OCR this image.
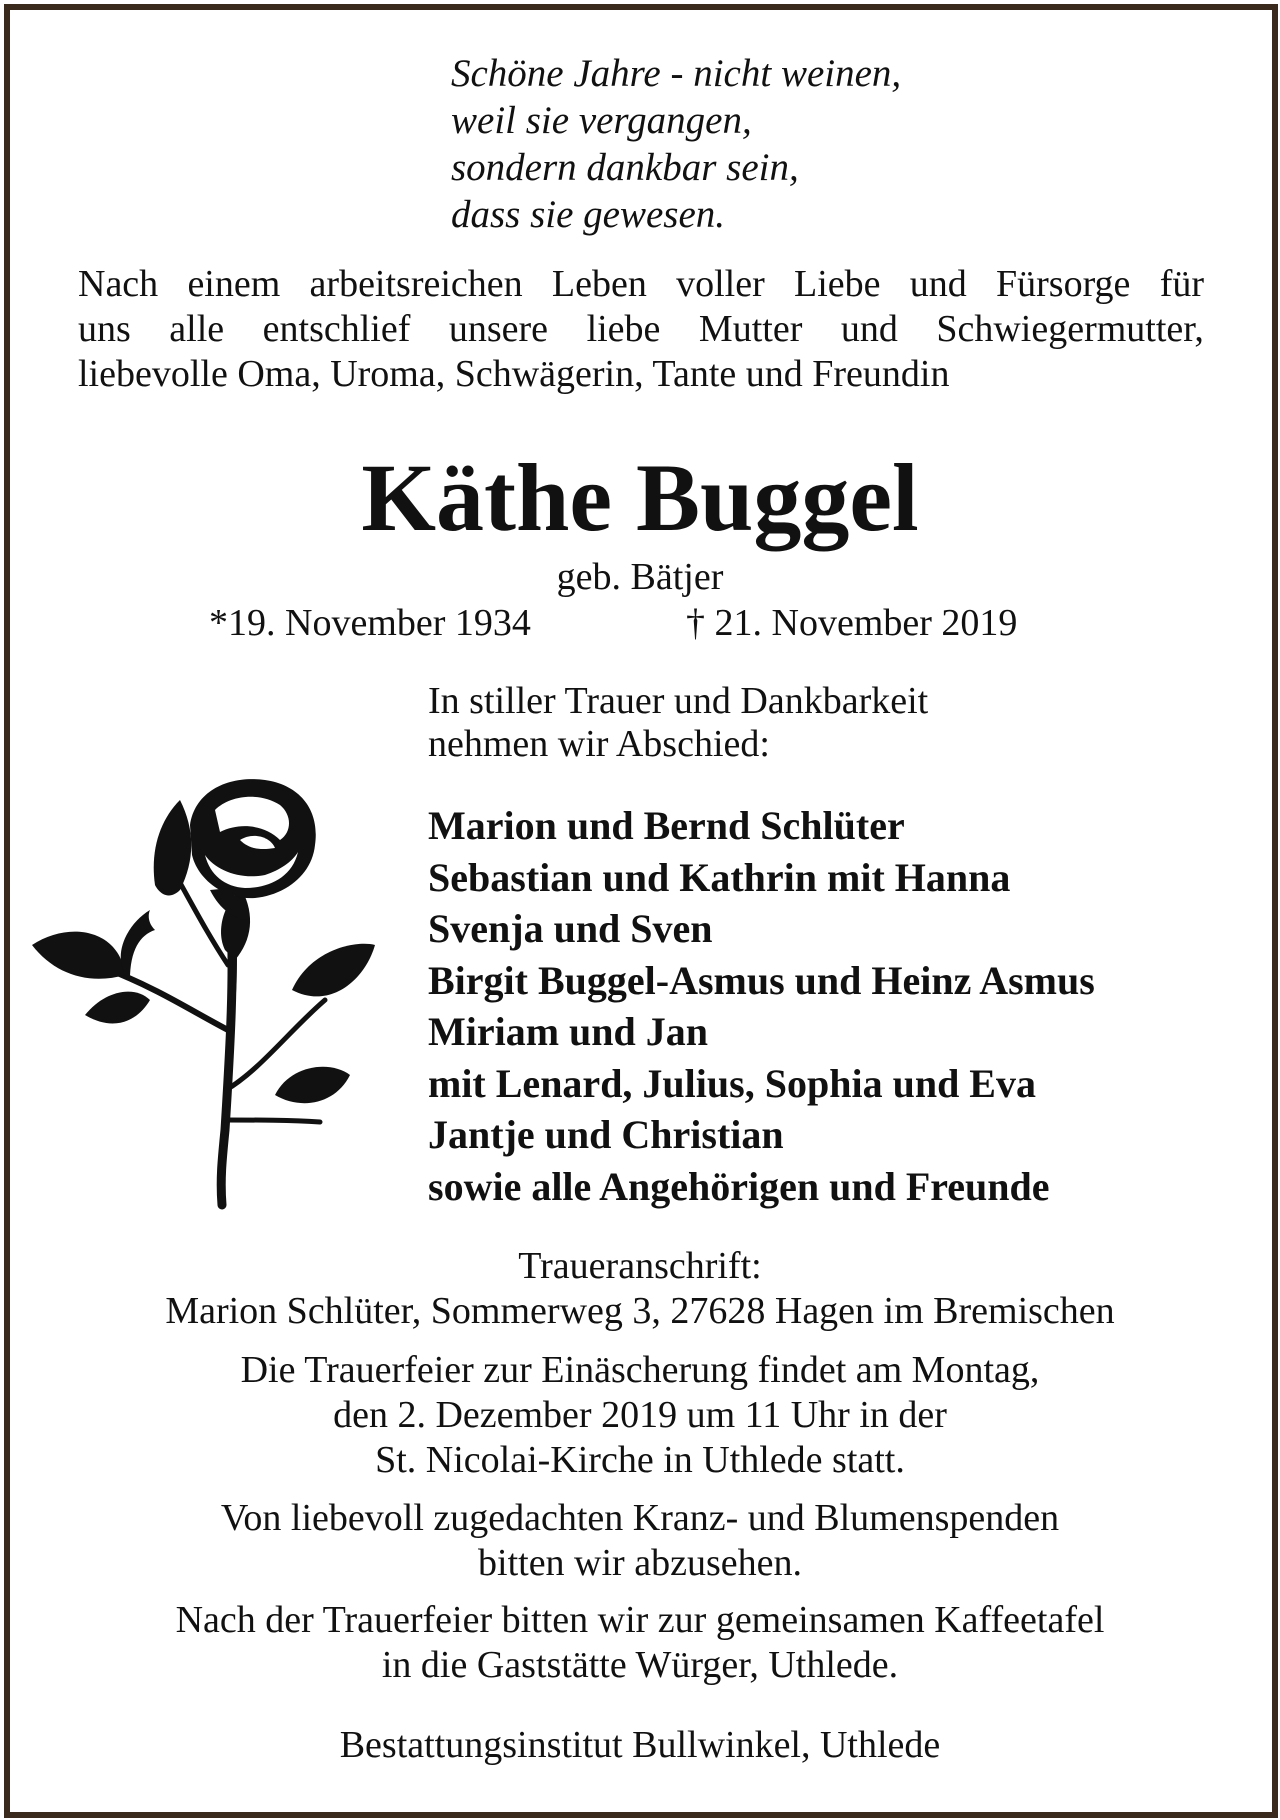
Schöne Jahre - nicht weinen,
weil sie vergangen,
sondern dankbar sein,
dass sie gewesen.
Nach einem arbeitsreichen Leben voller Liebe und Fürsorge für
uns alle entschlief unsere liebe Mutter und Schwiegermutter,
liebevolle Oma, Uroma, Schwägerin, Tante und Freundin
Käthe Buggel
geb. Bätjer
*19. November 1934	† 21. November 2019
In stiller Trauer und Dankbarkeit
nehmen wir Abschied:
Marion und Bernd Schlüter
Sebastian und Kathrin mit Hanna
Svenja und Sven
Birgit Buggel-Asmus und Heinz Asmus
Miriam und Jan
mit Lenard, Julius, Sophia und Eva
Jantje und Christian
sowie alle Angehörigen und Freunde
Traueranschrift:
Marion Schlüter, Sommerweg 3, 27628 Hagen im Bremischen
Die Trauerfeier zur Einäscherung findet am Montag,
den 2. Dezember 2019 um 11 Uhr in der
St. Nicolai-Kirche in Uthlede statt.
Von liebevoll zugedachten Kranz- und Blumenspenden
bitten wir abzusehen.
Nach der Trauerfeier bitten wir zur gemeinsamen Kaffeetafel
in die Gaststätte Würger, Uthlede.
Bestattungsinstitut Bullwinkel, Uthlede
